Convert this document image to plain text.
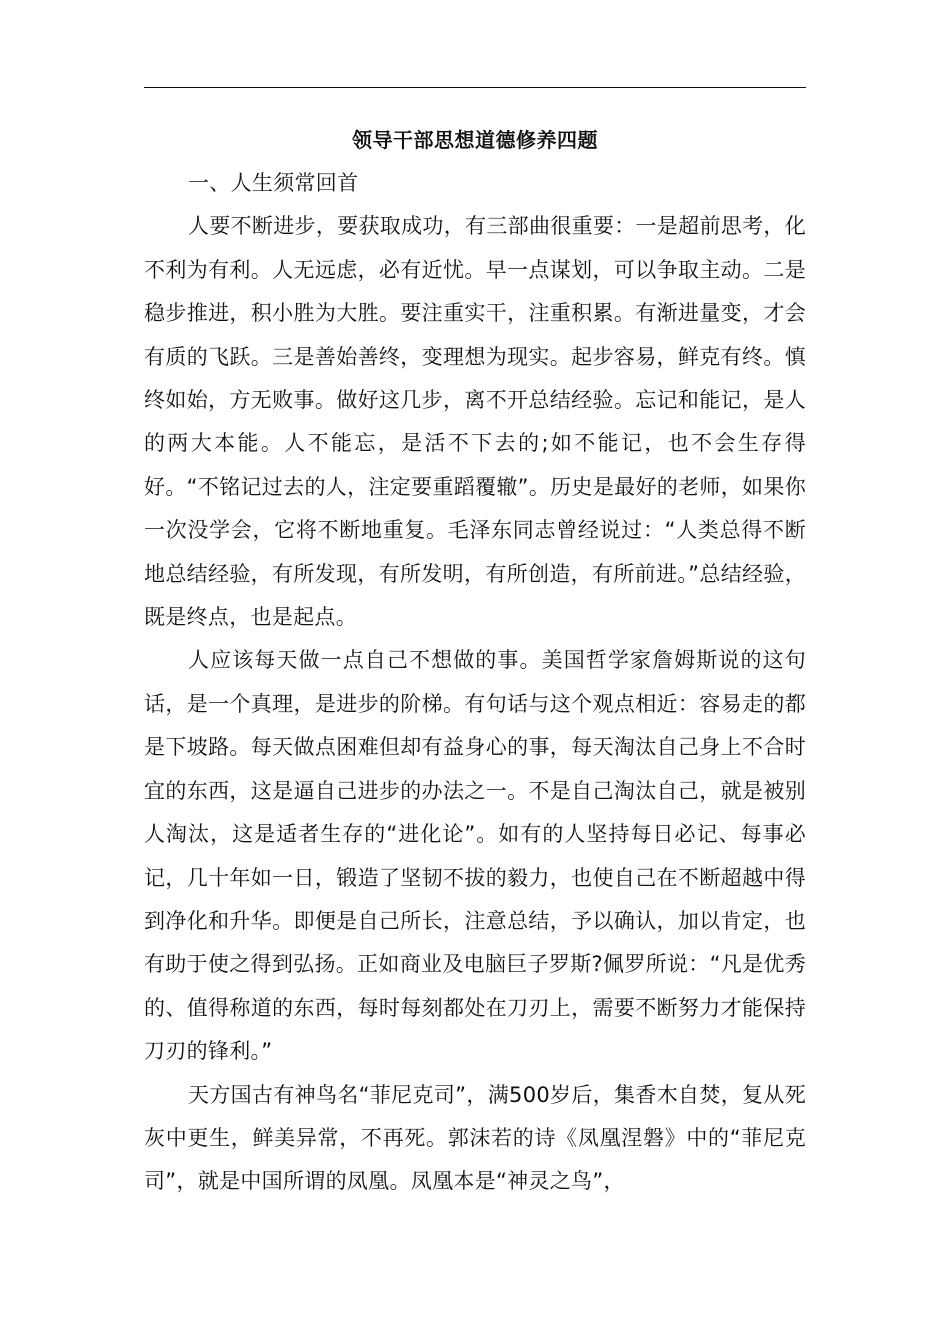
领导干部思想道德修养四题

一、人生须常回首

人要不断进步，要获取成功，有三部曲很重要：一是超前思考，化不利为有利。人无远虑，必有近忧。早一点谋划，可以争取主动。二是稳步推进，积小胜为大胜。要注重实干，注重积累。有渐进量变，才会有质的飞跃。三是善始善终，变理想为现实。起步容易，鲜克有终。慎终如始，方无败事。做好这几步，离不开总结经验。忘记和能记，是人的两大本能。人不能忘，是活不下去的;如不能记，也不会生存得好。“不铭记过去的人，注定要重蹈覆辙”。历史是最好的老师，如果你一次没学会，它将不断地重复。毛泽东同志曾经说过：“人类总得不断地总结经验，有所发现，有所发明，有所创造，有所前进。”总结经验，既是终点，也是起点。

人应该每天做一点自己不想做的事。美国哲学家詹姆斯说的这句话，是一个真理，是进步的阶梯。有句话与这个观点相近：容易走的都是下坡路。每天做点困难但却有益身心的事，每天淘汰自己身上不合时宜的东西，这是逼自己进步的办法之一。不是自己淘汰自己，就是被别人淘汰，这是适者生存的“进化论”。如有的人坚持每日必记、每事必记，几十年如一日，锻造了坚韧不拔的毅力，也使自己在不断超越中得到净化和升华。即便是自己所长，注意总结，予以确认，加以肯定，也有助于使之得到弘扬。正如商业及电脑巨子罗斯?佩罗所说：“凡是优秀的、值得称道的东西，每时每刻都处在刀刃上，需要不断努力才能保持刀刃的锋利。”

天方国古有神鸟名“菲尼克司”，满500岁后，集香木自焚，复从死灰中更生，鲜美异常，不再死。郭沫若的诗《凤凰涅磐》中的“菲尼克司”，就是中国所谓的凤凰。凤凰本是“神灵之鸟”，
